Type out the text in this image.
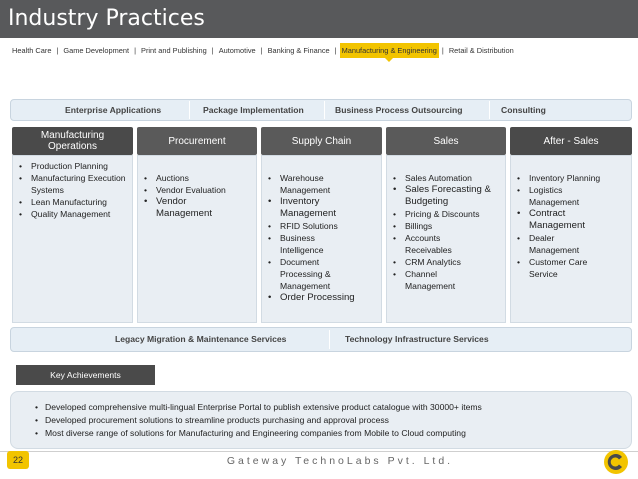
Industry Practices
Health Care | Game Development | Print and Publishing | Automotive | Banking & Finance | Manufacturing & Engineering | Retail & Distribution
Enterprise Applications	Package Implementation	Business Process Outsourcing	Consulting
Manufacturing Operations
• Production Planning
• Manufacturing Execution Systems
• Lean Manufacturing
• Quality Management
Procurement
• Auctions
• Vendor Evaluation
• Vendor Management
Supply Chain
• Warehouse Management
• Inventory Management
• RFID Solutions
• Business Intelligence
• Document Processing & Management
• Order Processing
Sales
• Sales Automation
• Sales Forecasting & Budgeting
• Pricing & Discounts
• Billings
• Accounts Receivables
• CRM Analytics
• Channel Management
After - Sales
• Inventory Planning
• Logistics Management
• Contract Management
• Dealer Management
• Customer Care Service
Legacy Migration & Maintenance Services	Technology Infrastructure Services
Key Achievements
• Developed comprehensive multi-lingual Enterprise Portal to publish extensive product catalogue with 30000+ items
• Developed procurement solutions to streamline products purchasing and approval process
• Most diverse range of solutions for Manufacturing and Engineering companies from Mobile to Cloud computing
22	Gateway TechnoLabs Pvt. Ltd.
